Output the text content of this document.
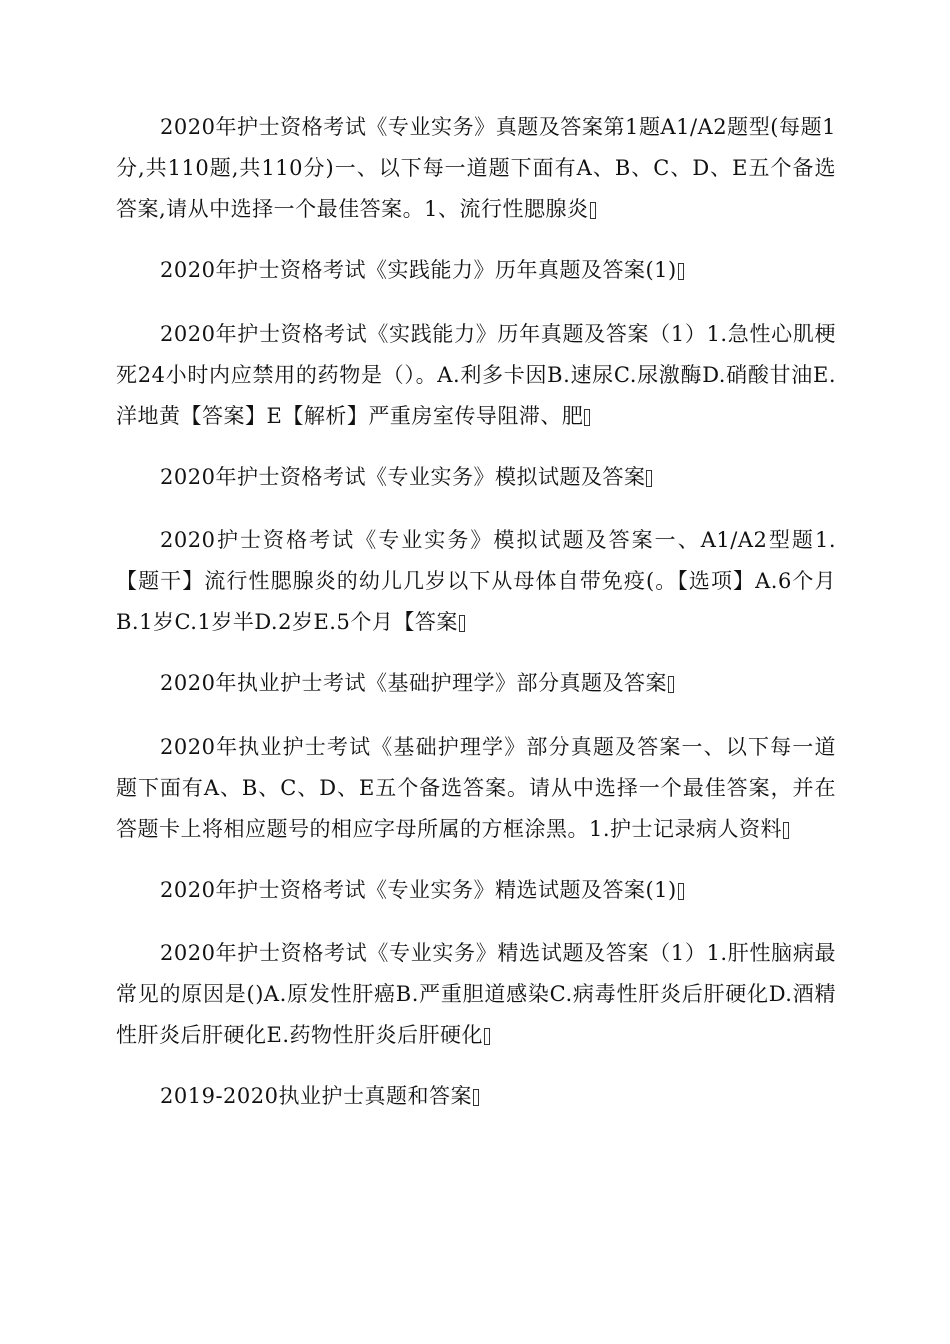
2020年护士资格考试《专业实务》真题及答案第1题A1/A2题型(每题1分,共110题,共110分)一、以下每一道题下面有A、B、C、D、E五个备选答案,请从中选择一个最佳答案。1、流行性腮腺炎

2020年护士资格考试《实践能力》历年真题及答案(1)

2020年护士资格考试《实践能力》历年真题及答案（1）1.急性心肌梗死24小时内应禁用的药物是（）。A.利多卡因B.速尿C.尿激酶D.硝酸甘油E.洋地黄【答案】E【解析】严重房室传导阻滞、肥

2020年护士资格考试《专业实务》模拟试题及答案

2020护士资格考试《专业实务》模拟试题及答案一、A1/A2型题1.【题干】流行性腮腺炎的幼儿几岁以下从母体自带免疫(。【选项】A.6个月B.1岁C.1岁半D.2岁E.5个月【答案

2020年执业护士考试《基础护理学》部分真题及答案

2020年执业护士考试《基础护理学》部分真题及答案一、以下每一道题下面有A、B、C、D、E五个备选答案。请从中选择一个最佳答案，并在答题卡上将相应题号的相应字母所属的方框涂黑。1.护士记录病人资料

2020年护士资格考试《专业实务》精选试题及答案(1)

2020年护士资格考试《专业实务》精选试题及答案（1）1.肝性脑病最常见的原因是()A.原发性肝癌B.严重胆道感染C.病毒性肝炎后肝硬化D.酒精性肝炎后肝硬化E.药物性肝炎后肝硬化

2019-2020执业护士真题和答案
